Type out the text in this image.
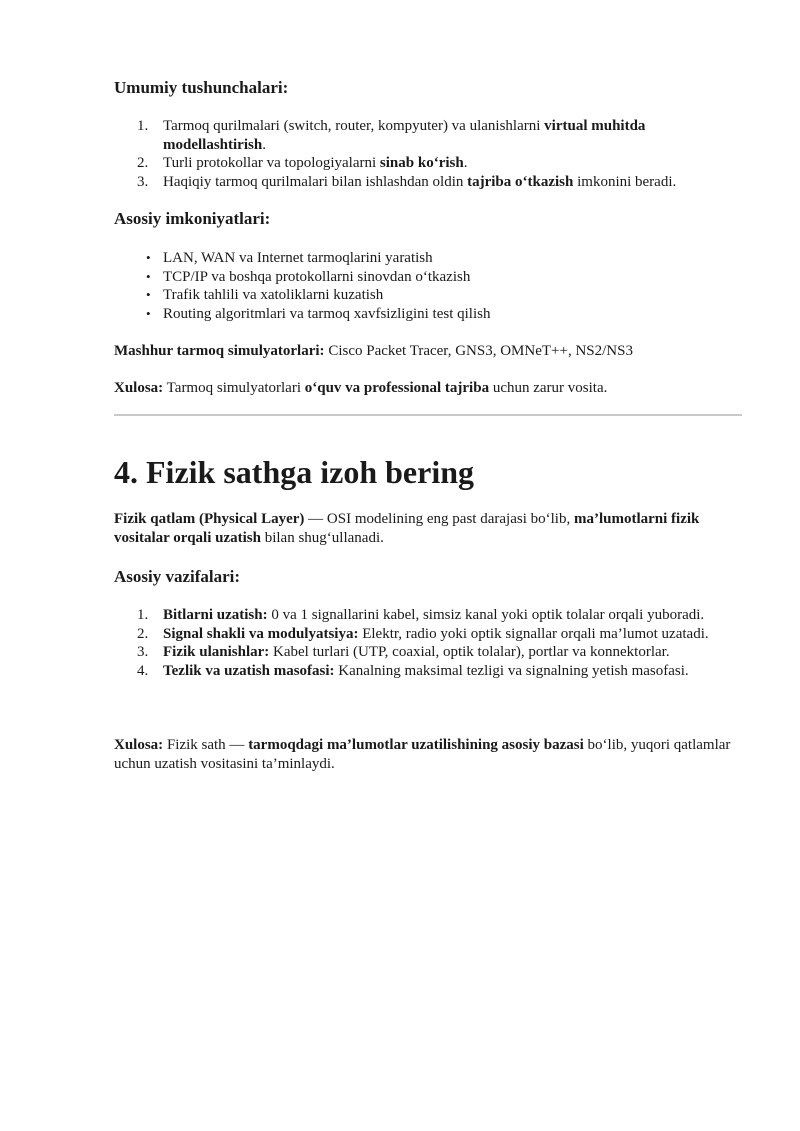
Umumiy tushunchalari:
1. Tarmoq qurilmalari (switch, router, kompyuter) va ulanishlarni virtual muhitda modellashtirish.
2. Turli protokollar va topologiyalarni sinab ko‘rish.
3. Haqiqiy tarmoq qurilmalari bilan ishlashdan oldin tajriba o‘tkazish imkonini beradi.
Asosiy imkoniyatlari:
• LAN, WAN va Internet tarmoqlarini yaratish
• TCP/IP va boshqa protokollarni sinovdan o‘tkazish
• Trafik tahlili va xatoliklarni kuzatish
• Routing algoritmlari va tarmoq xavfsizligini test qilish

Mashhur tarmoq simulyatorlari: Cisco Packet Tracer, GNS3, OMNeT++, NS2/NS3

Xulosa: Tarmoq simulyatorlari o‘quv va professional tajriba uchun zarur vosita.

4. Fizik sathga izoh bering

Fizik qatlam (Physical Layer) — OSI modelining eng past darajasi bo‘lib, ma’lumotlarni fizik vositalar orqali uzatish bilan shug‘ullanadi.

Asosiy vazifalari:
1. Bitlarni uzatish: 0 va 1 signallarini kabel, simsiz kanal yoki optik tolalar orqali yuboradi.
2. Signal shakli va modulyatsiya: Elektr, radio yoki optik signallar orqali ma’lumot uzatadi.
3. Fizik ulanishlar: Kabel turlari (UTP, coaxial, optik tolalar), portlar va konnektorlar.
4. Tezlik va uzatish masofasi: Kanalning maksimal tezligi va signalning yetish masofasi.

Xulosa: Fizik sath — tarmoqdagi ma’lumotlar uzatilishining asosiy bazasi bo‘lib, yuqori qatlamlar uchun uzatish vositasini ta’minlaydi.
